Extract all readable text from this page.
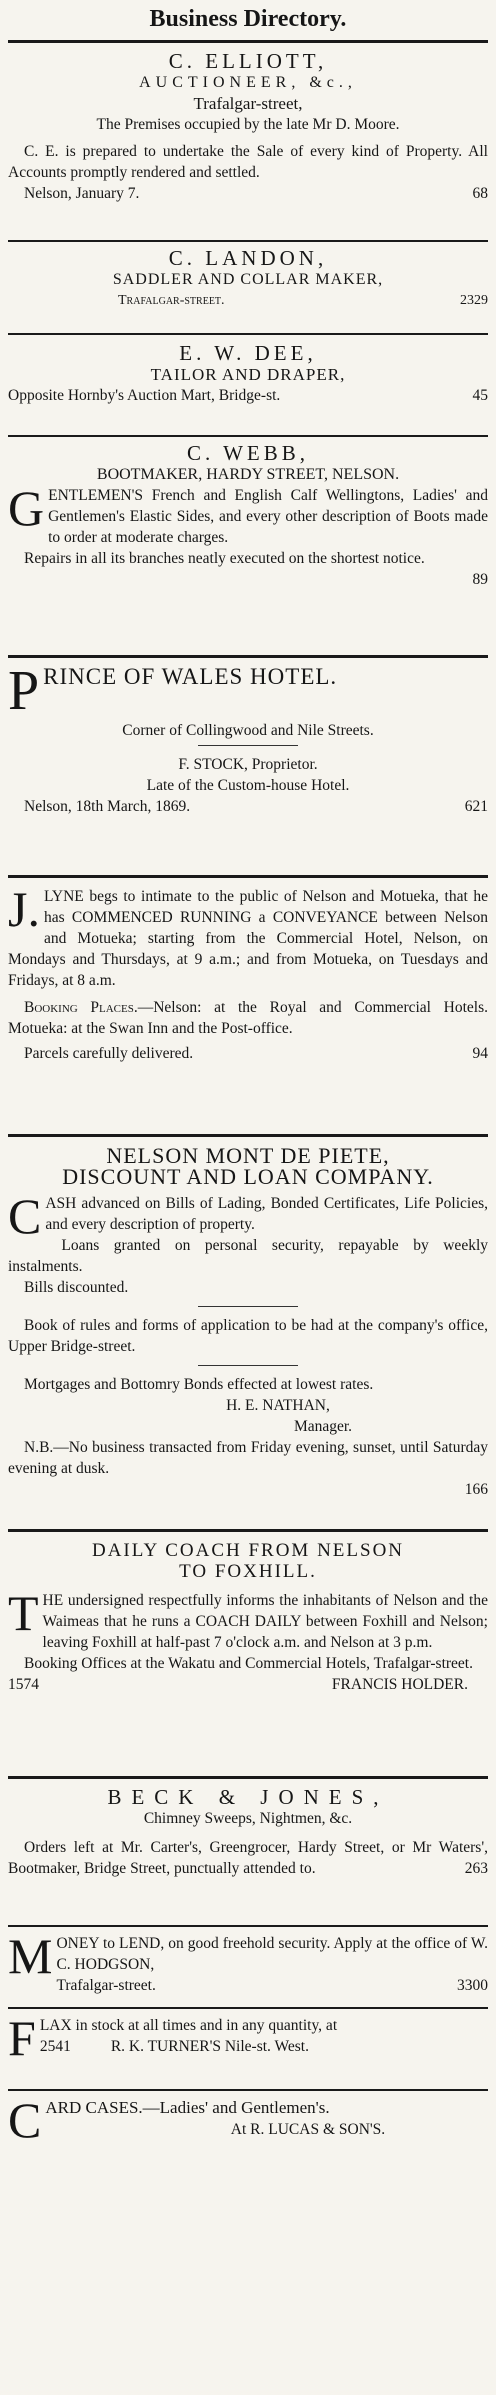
Business Directory.
C. ELLIOTT,
AUCTIONEER, &c.,
Trafalgar-street,
The Premises occupied by the late Mr D. Moore.
C. E. is prepared to undertake the Sale of every kind of Property. All Accounts promptly rendered and settled.
Nelson, January 7.	68
C. LANDON,
SADDLER AND COLLAR MAKER,
Trafalgar-street.	2329
E. W. DEE,
TAILOR AND DRAPER,
Opposite Hornby's Auction Mart, Bridge-st.	45
C. WEBB,
BOOTMAKER, HARDY STREET, NELSON.
G ENTLEMEN'S French and English Calf Wellingtons, Ladies' and Gentlemen's Elastic Sides, and every other description of Boots made to order at moderate charges.
Repairs in all its branches neatly executed on the shortest notice.
89
P RINCE OF WALES HOTEL.
Corner of Collingwood and Nile Streets.
F. STOCK, Proprietor.
Late of the Custom-house Hotel.
Nelson, 18th March, 1869.	621
J. LYNE begs to intimate to the public of Nelson and Motueka, that he has COMMENCED RUNNING a CONVEYANCE between Nelson and Motueka; starting from the Commercial Hotel, Nelson, on Mondays and Thursdays, at 9 a.m.; and from Motueka, on Tuesdays and Fridays, at 8 a.m.
Booking Places.—Nelson: at the Royal and Commercial Hotels. Motueka: at the Swan Inn and the Post-office.
Parcels carefully delivered.	94
NELSON MONT DE PIETE,
DISCOUNT AND LOAN COMPANY.
C ASH advanced on Bills of Lading, Bonded Certificates, Life Policies, and every description of property.
Loans granted on personal security, repayable by weekly instalments.
Bills discounted.
Book of rules and forms of application to be had at the company's office, Upper Bridge-street.
Mortgages and Bottomry Bonds effected at lowest rates.
H. E. NATHAN,
Manager.
N.B.—No business transacted from Friday evening, sunset, until Saturday evening at dusk.
166
DAILY COACH FROM NELSON
TO FOXHILL.
T HE undersigned respectfully informs the inhabitants of Nelson and the Waimeas that he runs a COACH DAILY between Foxhill and Nelson; leaving Foxhill at half-past 7 o'clock a.m. and Nelson at 3 p.m.
Booking Offices at the Wakatu and Commercial Hotels, Trafalgar-street.
1574	FRANCIS HOLDER.
BECK & JONES,
Chimney Sweeps, Nightmen, &c.
Orders left at Mr. Carter's, Greengrocer, Hardy Street, or Mr Waters', Bootmaker, Bridge Street, punctually attended to.	263
M ONEY to LEND, on good freehold security. Apply at the office of W. C. HODGSON,
Trafalgar-street.	3300
F LAX in stock at all times and in any quantity, at
2541	R. K. TURNER'S Nile-st. West.
C ARD CASES.—Ladies' and Gentlemen's.
At R. LUCAS & SON'S.
